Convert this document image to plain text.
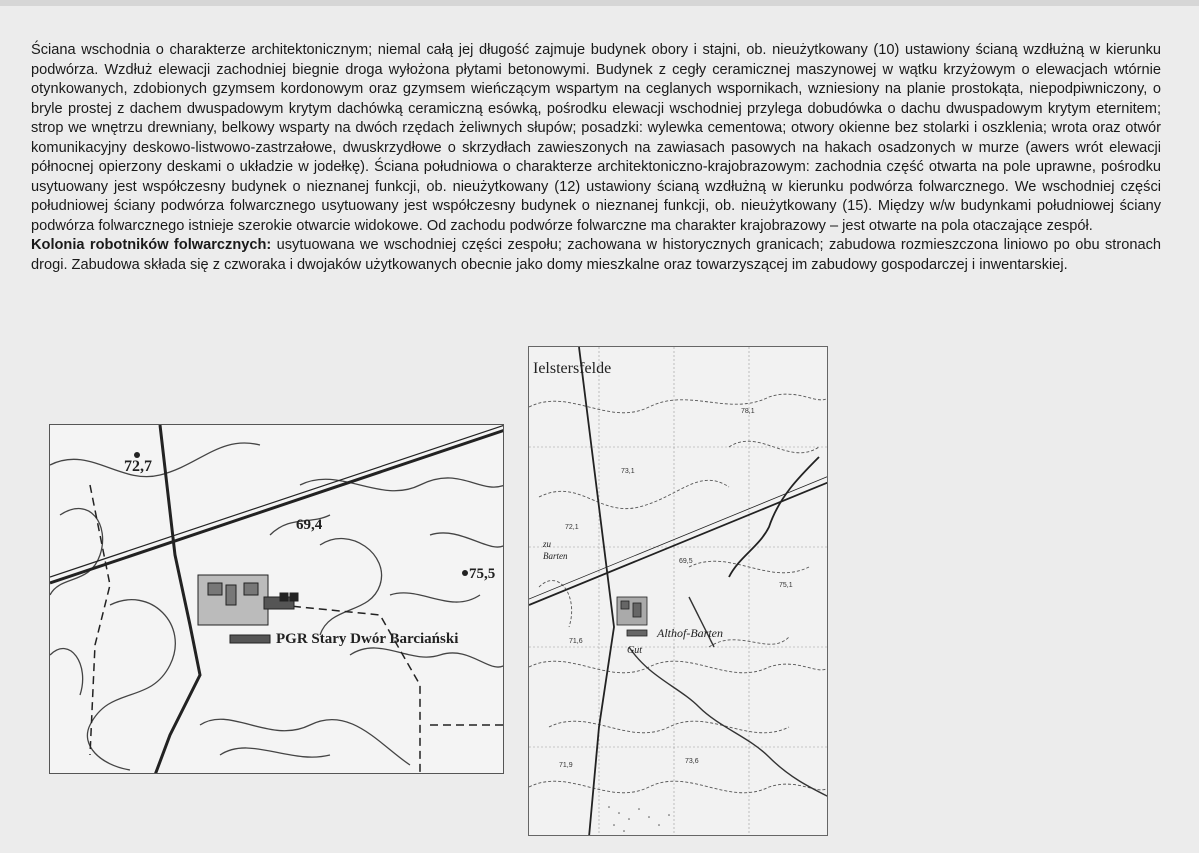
Ściana wschodnia o charakterze architektonicznym; niemal całą jej długość zajmuje budynek obory i stajni, ob. nieużytkowany (10) ustawiony ścianą wzdłużną w kierunku podwórza. Wzdłuż elewacji zachodniej biegnie droga wyłożona płytami betonowymi. Budynek z cegły ceramicznej maszynowej w wątku krzyżowym o elewacjach wtórnie otynkowanych, zdobionych gzymsem kordonowym oraz gzymsem wieńczącym wspartym na ceglanych wspornikach, wzniesiony na planie prostokąta, niepodpiwniczony, o bryle prostej z dachem dwuspadowym krytym dachówką ceramiczną esówką, pośrodku elewacji wschodniej przylega dobudówka o dachu dwuspadowym krytym eternitem; strop we wnętrzu drewniany, belkowy wsparty na dwóch rzędach żeliwnych słupów; posadzki: wylewka cementowa; otwory okienne bez stolarki i oszklenia; wrota oraz otwór komunikacyjny deskowo-listwowo-zastrzałowe, dwuskrzydłowe o skrzydłach zawieszonych na zawiasach pasowych na hakach osadzonych w murze (awers wrót elewacji północnej opierzony deskami o układzie w jodełkę). Ściana południowa o charakterze architektoniczno-krajobrazowym: zachodnia część otwarta na pole uprawne, pośrodku usytuowany jest współczesny budynek o nieznanej funkcji, ob. nieużytkowany (12) ustawiony ścianą wzdłużną w kierunku podwórza folwarcznego. We wschodniej części południowej ściany podwórza folwarcznego usytuowany jest współczesny budynek o nieznanej funkcji, ob. nieużytkowany (15). Między w/w budynkami południowej ściany podwórza folwarcznego istnieje szerokie otwarcie widokowe. Od zachodu podwórze folwarczne ma charakter krajobrazowy – jest otwarte na pola otaczające zespół.

Kolonia robotników folwarcznych: usytuowana we wschodniej części zespołu; zachowana w historycznych granicach; zabudowa rozmieszczona liniowo po obu stronach drogi. Zabudowa składa się z czworaka i dwojaków użytkowanych obecnie jako domy mieszkalne oraz towarzyszącej im zabudowy gospodarczej i inwentarskiej.

72,7
69,4
75,5
PGR Stary Dwór Barciański
Ielstersfelde
Althof-Barten
Gut
zu
Barten
73,1
72,1
69,5
71,6
73,6
78,1
75,1
71,9
